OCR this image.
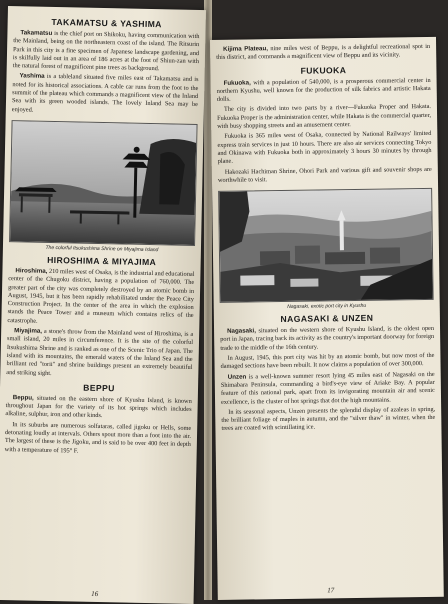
TAKAMATSU & YASHIMA

Takamatsu is the chief port on Shikoku, having communication with the Mainland, being on the northeastern coast of the island. The Ritsurin Park in this city is a fine specimen of Japanese landscape gardening, and is skilfully laid out in an area of 186 acres at the foot of Shiun-zan with the natural forest of magnificent pine trees as background.

Yashima is a tableland situated five miles east of Takamatsu and is noted for its historical associations. A cable car runs from the foot to the summit of the plateau which commands a magnificent view of the Inland Sea with its green wooded islands. The lovely Inland Sea may be enjoyed.

The colorful Itsukushima Shrine on Miyajima Island
HIROSHIMA & MIYAJIMA

Hiroshima, 210 miles west of Osaka, is the industrial and educational center of the Chugoku district, having a population of 760,000. The greater part of the city was completely destroyed by an atomic bomb in August, 1945, but it has been rapidly rehabilitated under the Peace City Construction Project. In the center of the area in which the explosion stands the Peace Tower and a museum which contains relics of the catastrophe.

Miyajima, a stone's throw from the Mainland west of Hiroshima, is a small island, 20 miles in circumference. It is the site of the colorful Itsukushima Shrine and is ranked as one of the Scenic Trio of Japan. The island with its mountains, the emerald waters of the Inland Sea and the brilliant red "torii" and shrine buildings present an extremely beautiful and striking sight.

BEPPU

Beppu, situated on the eastern shore of Kyushu Island, is known throughout Japan for the variety of its hot springs which includes alkaline, sulphur, iron and other kinds.

In its suburbs are numerous solfataras, called jigoku or Hells, some detonating loudly at intervals. Others spout more than a foot into the air. The largest of these is the Jigoku, and is said to be over 400 feet in depth with a temperature of 195° F.

16

Kijima Plateau, nine miles west of Beppu, is a delightful recreational spot in this district, and commands a magnificent view of Beppu and its vicinity.

FUKUOKA

Fukuoka, with a population of 540,000, is a prosperous commercial center in northern Kyushu, well known for the production of silk fabrics and artistic Hakata dolls.

The city is divided into two parts by a river—Fukuoka Proper and Hakata. Fukuoka Proper is the administration center, while Hakata is the commercial quarter, with busy shopping streets and an amusement center.

Fukuoka is 365 miles west of Osaka, connected by National Railways' limited express train services in just 10 hours. There are also air services connecting Tokyo and Okinawa with Fukuoka both in approximately 3 hours 30 minutes by through plane.

Hakozaki Hachiman Shrine, Ohori Park and various gift and souvenir shops are worthwhile to visit.

Nagasaki, exotic port city in Kyushu
NAGASAKI & UNZEN

Nagasaki, situated on the western shore of Kyushu Island, is the oldest open port in Japan, tracing back its activity as the country's important doorway for foreign trade to the middle of the 16th century.

In August, 1945, this port city was hit by an atomic bomb, but now most of the damaged sections have been rebuilt. It now claims a population of over 300,000.

Unzen is a well-known summer resort lying 45 miles east of Nagasaki on the Shimabara Peninsula, commanding a bird's-eye view of Ariake Bay. A popular feature of this national park, apart from its invigorating mountain air and scenic excellence, is the cluster of hot springs that dot the high mountains.

In its seasonal aspects, Unzen presents the splendid display of azaleas in spring, the brilliant foliage of maples in autumn, and the "silver thaw" in winter, when the trees are coated with scintillating ice.

17
